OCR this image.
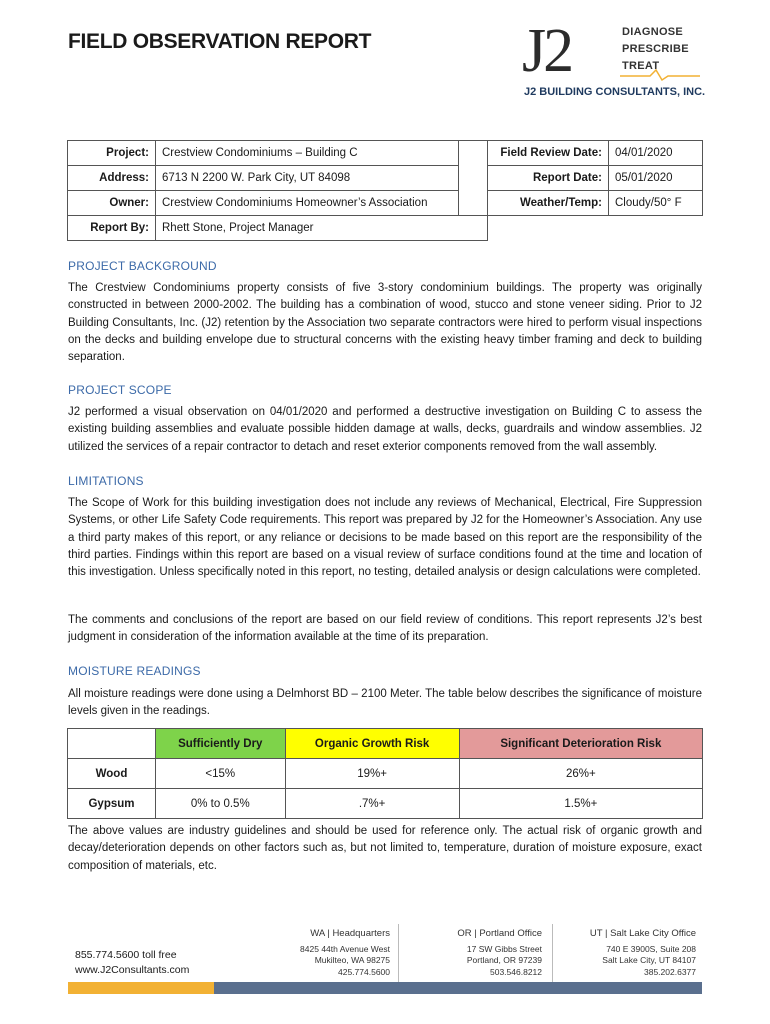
FIELD OBSERVATION REPORT J2	DIAGNOSE
PRESCRIBE
TREAT
J2 BUILDING CONSULTANTS, INC.
Project:	Crestview Condominiums – Building C		Field Review Date:	04/01/2020
Address:	6713 N 2200 W. Park City, UT 84098		Report Date:	05/01/2020
Owner:	Crestview Condominiums Homeowner’s Association		Weather/Temp:	Cloudy/50° F
Report By:	Rhett Stone, Project Manager			
PROJECT BACKGROUND
The Crestview Condominiums property consists of five 3-story condominium buildings. The property was originally constructed in between 2000-2002. The building has a combination of wood, stucco and stone veneer siding. Prior to J2 Building Consultants, Inc. (J2) retention by the Association two separate contractors were hired to perform visual inspections on the decks and building envelope due to structural concerns with the existing heavy timber framing and deck to building separation.
PROJECT SCOPE
J2 performed a visual observation on 04/01/2020 and performed a destructive investigation on Building C to assess the existing building assemblies and evaluate possible hidden damage at walls, decks, guardrails and window assemblies. J2 utilized the services of a repair contractor to detach and reset exterior components removed from the wall assembly.
LIMITATIONS
The Scope of Work for this building investigation does not include any reviews of Mechanical, Electrical, Fire Suppression Systems, or other Life Safety Code requirements. This report was prepared by J2 for the Homeowner’s Association. Any use a third party makes of this report, or any reliance or decisions to be made based on this report are the responsibility of the third parties. Findings within this report are based on a visual review of surface conditions found at the time and location of this investigation. Unless specifically noted in this report, no testing, detailed analysis or design calculations were completed.
The comments and conclusions of the report are based on our field review of conditions. This report represents J2’s best judgment in consideration of the information available at the time of its preparation.
MOISTURE READINGS
All moisture readings were done using a Delmhorst BD – 2100 Meter. The table below describes the significance of moisture levels given in the readings.
	Sufficiently Dry	Organic Growth Risk	Significant Deterioration Risk
Wood	<15%	19%+	26%+
Gypsum	0% to 0.5%	.7%+	1.5%+
The above values are industry guidelines and should be used for reference only. The actual risk of organic growth and decay/deterioration depends on other factors such as, but not limited to, temperature, duration of moisture exposure, exact composition of materials, etc.
855.774.5600 toll free
www.J2Consultants.com
WA | Headquarters
8425 44th Avenue West
Mukilteo, WA 98275
425.774.5600
OR | Portland Office
17 SW Gibbs Street
Portland, OR 97239
503.546.8212
UT | Salt Lake City Office
740 E 3900S, Suite 208
Salt Lake City, UT 84107
385.202.6377
